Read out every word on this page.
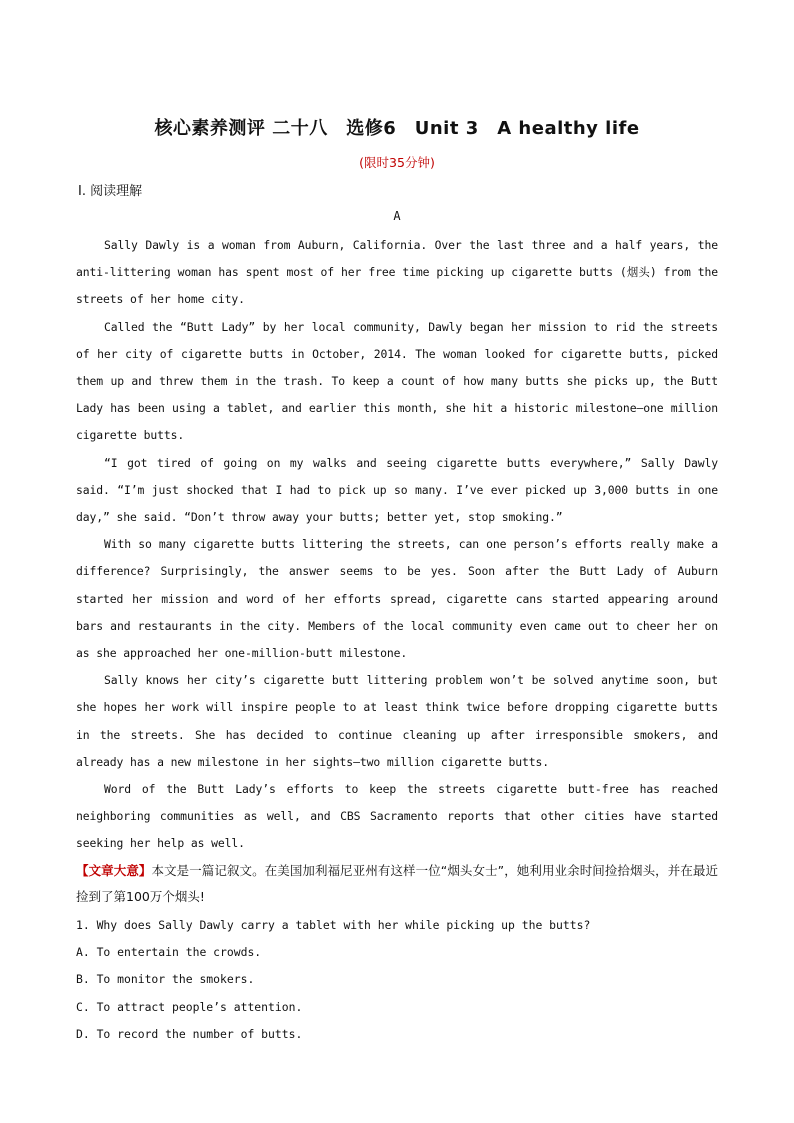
核心素养测评 二十八　选修6　Unit 3　A healthy life
(限时35分钟)
Ⅰ. 阅读理解
A

Sally Dawly is a woman from Auburn, California. Over the last three and a half years, the anti-littering woman has spent most of her free time picking up cigarette butts (烟头) from the streets of her home city.

Called the “Butt Lady” by her local community, Dawly began her mission to rid the streets of her city of cigarette butts in October, 2014. The woman looked for cigarette butts, picked them up and threw them in the trash. To keep a count of how many butts she picks up, the Butt Lady has been using a tablet, and earlier this month, she hit a historic milestone—one million cigarette butts.

“I got tired of going on my walks and seeing cigarette butts everywhere,” Sally Dawly said. “I’m just shocked that I had to pick up so many. I’ve ever picked up 3,000 butts in one day,” she said. “Don’t throw away your butts; better yet, stop smoking.”

With so many cigarette butts littering the streets, can one person’s efforts really make a difference? Surprisingly, the answer seems to be yes. Soon after the Butt Lady of Auburn started her mission and word of her efforts spread, cigarette cans started appearing around bars and restaurants in the city. Members of the local community even came out to cheer her on as she approached her one-million-butt milestone.

Sally knows her city’s cigarette butt littering problem won’t be solved anytime soon, but she hopes her work will inspire people to at least think twice before dropping cigarette butts in the streets. She has decided to continue cleaning up after irresponsible smokers, and already has a new milestone in her sights—two million cigarette butts.

Word of the Butt Lady’s efforts to keep the streets cigarette butt-free has reached neighboring communities as well, and CBS Sacramento reports that other cities have started seeking her help as well.

【文章大意】本文是一篇记叙文。在美国加利福尼亚州有这样一位“烟头女士”，她利用业余时间捡拾烟头，并在最近捡到了第100万个烟头!
1. Why does Sally Dawly carry a tablet with her while picking up the butts?
A. To entertain the crowds.
B. To monitor the smokers.
C. To attract people’s attention.
D. To record the number of butts.
